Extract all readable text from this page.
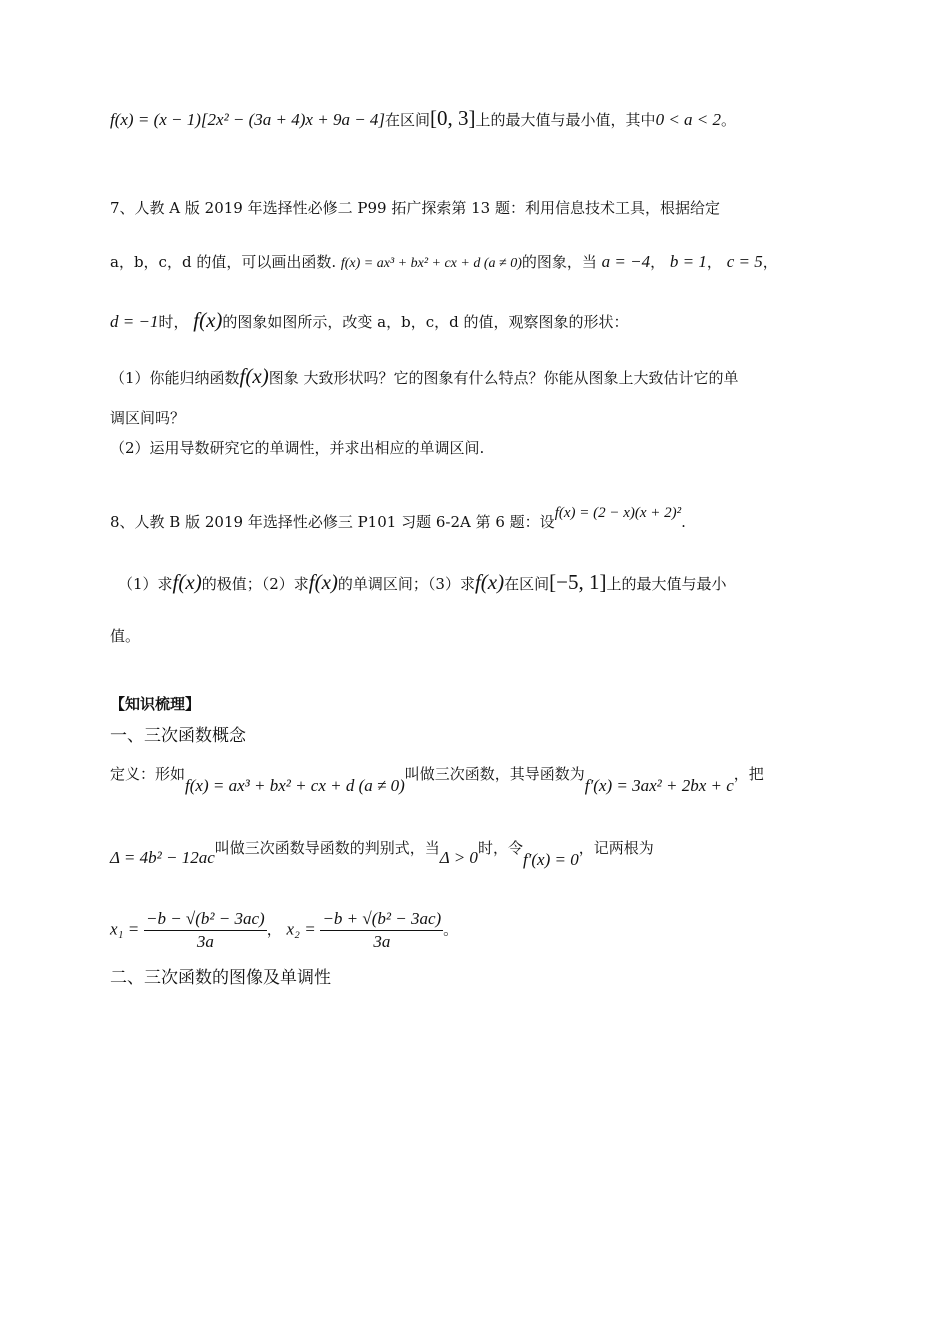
f(x) = (x − 1)[2x² − (3a + 4)x + 9a − 4]在区间[0, 3]上的最大值与最小值，其中0 < a < 2。
7、人教 A 版 2019 年选择性必修二 P99 拓广探索第 13 题：利用信息技术工具，根据给定
a，b，c，d 的值，可以画出函数. f(x) = ax³ + bx² + cx + d (a ≠ 0)的图象，当 a = −4， b = 1， c = 5，
d = −1时， f(x)的图象如图所示，改变 a，b，c，d 的值，观察图象的形状：
（1）你能归纳函数f(x)图象 大致形状吗？它的图象有什么特点？你能从图象上大致估计它的单
调区间吗？
（2）运用导数研究它的单调性，并求出相应的单调区间.
8、人教 B 版 2019 年选择性必修三 P101 习题 6-2A 第 6 题：设f(x) = (2 − x)(x + 2)².
（1）求f(x)的极值；（2）求f(x)的单调区间；（3）求f(x)在区间[−5, 1]上的最大值与最小
值。
【知识梳理】
一、三次函数概念
定义：形如f(x) = ax³ + bx² + cx + d (a ≠ 0)叫做三次函数，其导函数为f′(x) = 3ax² + 2bx + c，把
Δ = 4b² − 12ac叫做三次函数导函数的判别式，当Δ > 0时，令f′(x) = 0，记两根为
$x_1 = \frac{\text{−b − √(b² − 3ac)}}{3a}$ ， $x_2 = \frac{\text{−b + √(b² − 3ac)}}{3a}$ 。
二、三次函数的图像及单调性
